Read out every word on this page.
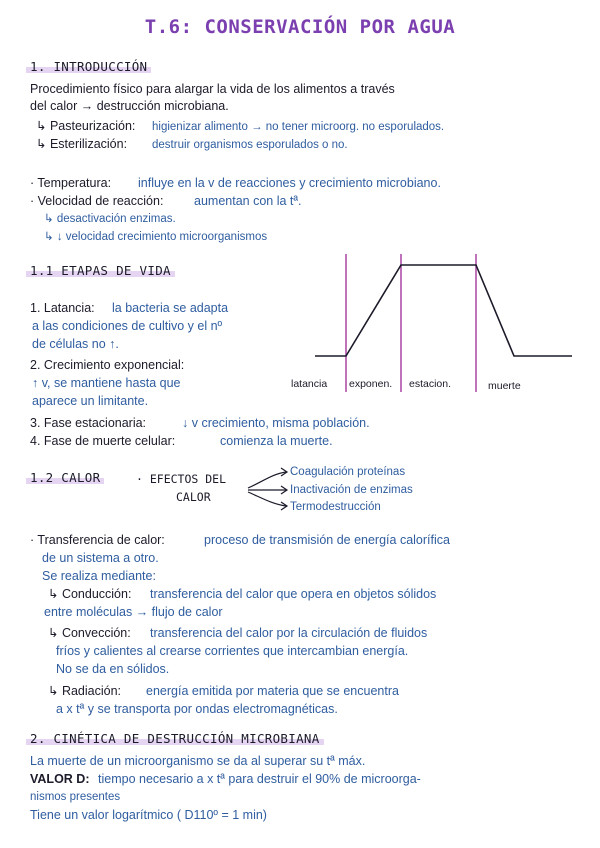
T.6: CONSERVACIÓN POR AGUA
1. INTRODUCCIÓN
Procedimiento físico para alargar la vida de los alimentos a través
del calor → destrucción microbiana.
↳ Pasteurización: higienizar alimento → no tener microorg. no esporulados.
↳ Esterilización: destruir organismos esporulados o no.
· Temperatura: influye en la v de reacciones y crecimiento microbiano.
· Velocidad de reacción: aumentan con la tª.
↳ desactivación enzimas.
↳ ↓ velocidad crecimiento microorganismos
1.1 ETAPAS DE VIDA
1. Latancia: la bacteria se adapta
a las condiciones de cultivo y el nº
de células no ↑.
2. Crecimiento exponencial:
↑ v, se mantiene hasta que
aparece un limitante.
3. Fase estacionaria:	↓ v crecimiento, misma población.
4. Fase de muerte celular:	comienza la muerte.
latancia exponen. estacion.	muerte
1.2 CALOR	· EFECTOS DEL
CALOR
Coagulación proteínas
Inactivación de enzimas
Termodestrucción
· Transferencia de calor:	proceso de transmisión de energía calorífica
de un sistema a otro.
Se realiza mediante:
↳ Conducción: transferencia del calor que opera en objetos sólidos
entre moléculas → flujo de calor
↳ Convección: transferencia del calor por la circulación de fluidos
fríos y calientes al crearse corrientes que intercambian energía.
No se da en sólidos.
↳ Radiación: energía emitida por materia que se encuentra
a x tª y se transporta por ondas electromagnéticas.
2. CINÉTICA DE DESTRUCCIÓN MICROBIANA
La muerte de un microorganismo se da al superar su tª máx.
VALOR D: tiempo necesario a x tª para destruir el 90% de microorga-
nismos presentes
Tiene un valor logarítmico ( D110º = 1 min)
